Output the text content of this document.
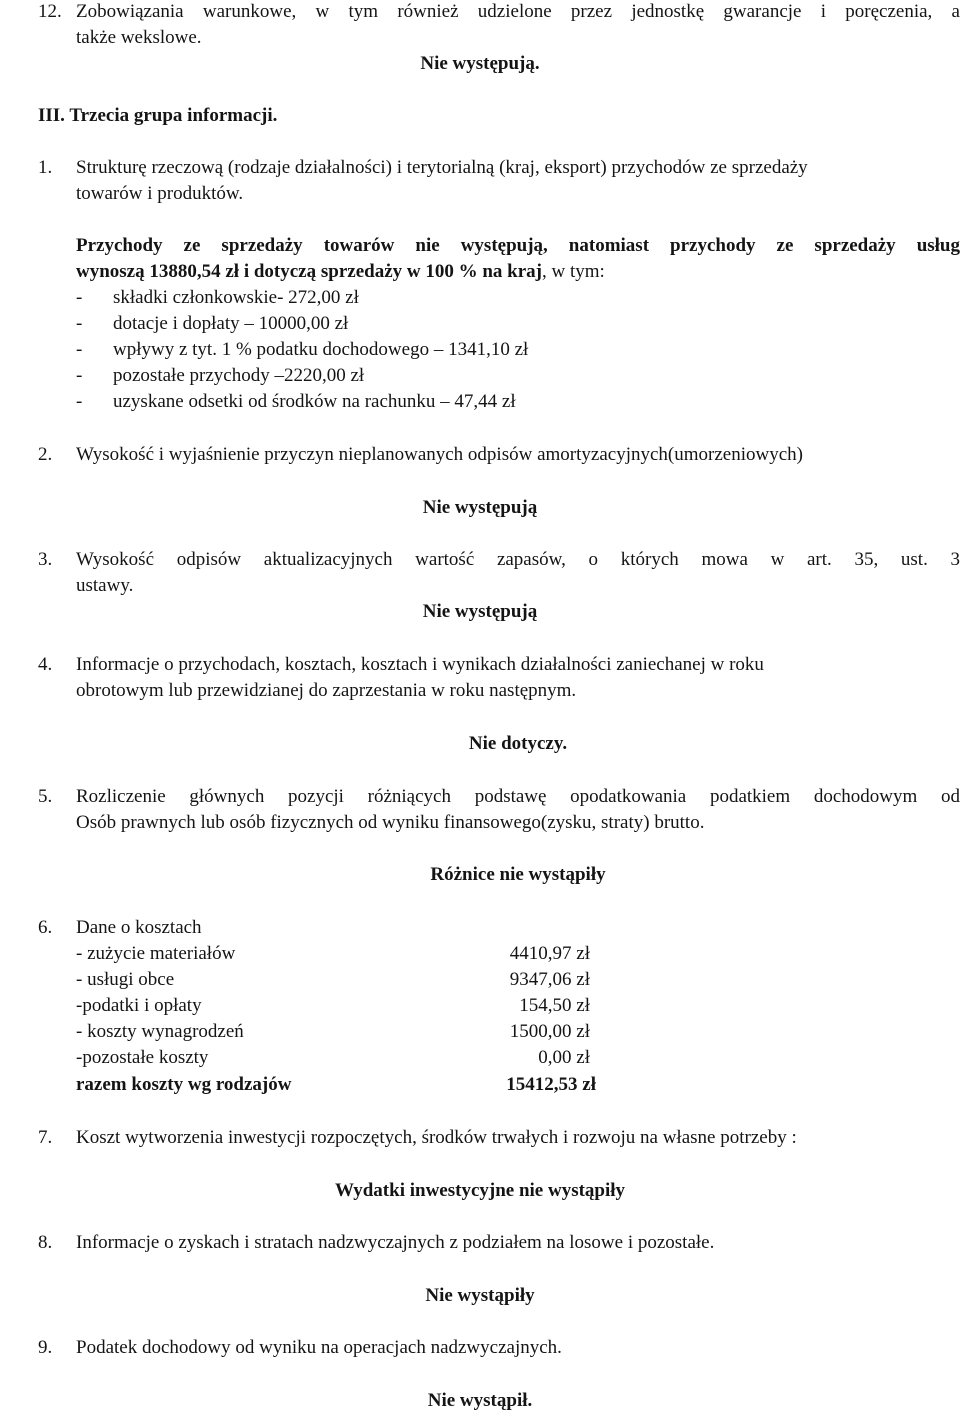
12. Zobowiązania warunkowe, w tym również udzielone przez jednostkę gwarancje i poręczenia, a
także wekslowe.
Nie występują.
III. Trzecia grupa informacji.
1. Strukturę rzeczową (rodzaje działalności) i terytorialną (kraj, eksport) przychodów ze sprzedaży
towarów i produktów.
Przychody ze sprzedaży towarów nie występują, natomiast przychody ze sprzedaży usług
wynoszą 13880,54 zł i dotyczą sprzedaży w 100 % na kraj, w tym:
- składki członkowskie- 272,00 zł
- dotacje i dopłaty – 10000,00 zł
- wpływy z tyt. 1 % podatku dochodowego – 1341,10 zł
- pozostałe przychody –2220,00 zł
- uzyskane odsetki od środków na rachunku – 47,44 zł
2. Wysokość i wyjaśnienie przyczyn nieplanowanych odpisów amortyzacyjnych(umorzeniowych)
Nie występują
3. Wysokość odpisów aktualizacyjnych wartość zapasów, o których mowa w art. 35, ust. 3
ustawy.
Nie występują
4. Informacje o przychodach, kosztach, kosztach i wynikach działalności zaniechanej w roku
obrotowym lub przewidzianej do zaprzestania w roku następnym.
Nie dotyczy.
5. Rozliczenie głównych pozycji różniących podstawę opodatkowania podatkiem dochodowym od
Osób prawnych lub osób fizycznych od wyniku finansowego(zysku, straty) brutto.
Różnice nie wystąpiły
6. Dane o kosztach
- zużycie materiałów	4410,97 zł
- usługi obce	9347,06 zł
-podatki i opłaty	154,50 zł
- koszty wynagrodzeń	1500,00 zł
-pozostałe koszty	0,00 zł
razem koszty wg rodzajów	15412,53 zł
7. Koszt wytworzenia inwestycji rozpoczętych, środków trwałych i rozwoju na własne potrzeby :
Wydatki inwestycyjne nie wystąpiły
8. Informacje o zyskach i stratach nadzwyczajnych z podziałem na losowe i pozostałe.
Nie wystąpiły
9. Podatek dochodowy od wyniku na operacjach nadzwyczajnych.
Nie wystąpił.
